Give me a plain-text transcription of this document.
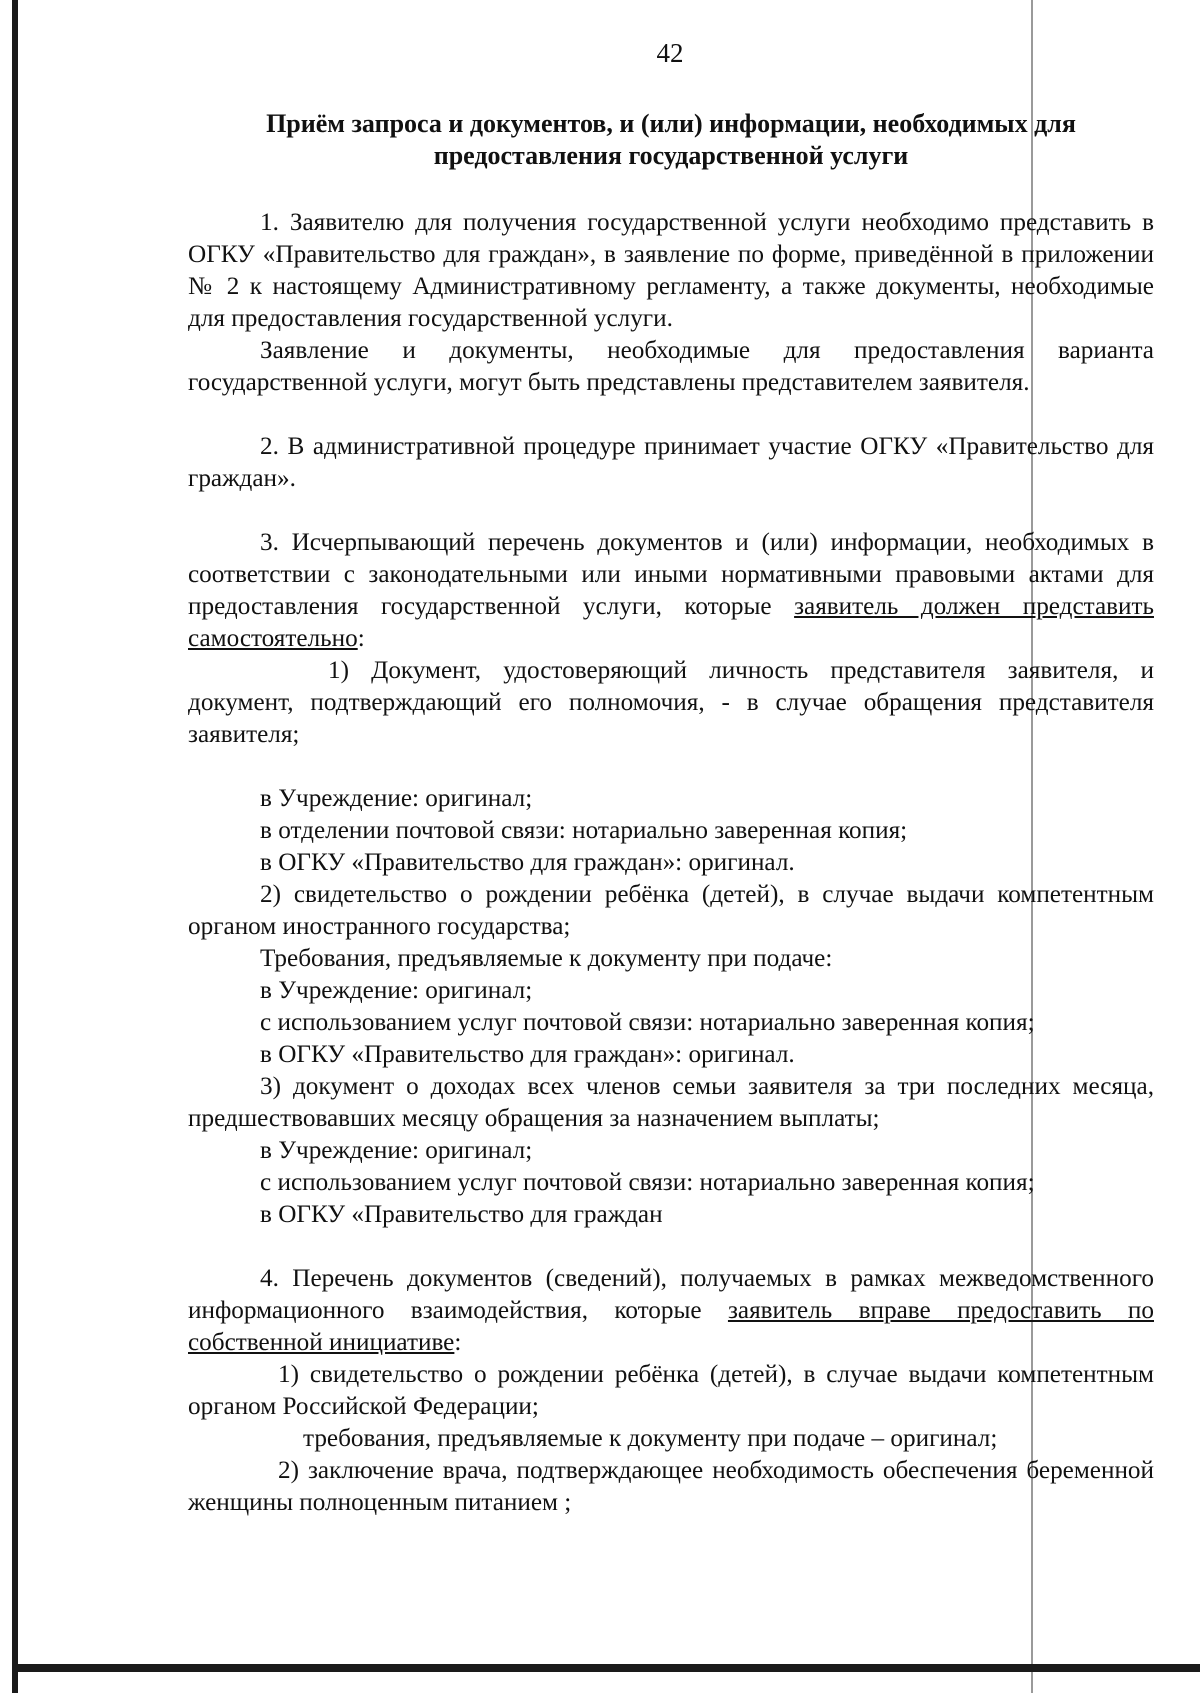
42
Приём запроса и документов, и (или) информации, необходимых для
предоставления государственной услуги

1. Заявителю для получения государственной услуги необходимо представить в ОГКУ «Правительство для граждан», в заявление по форме, приведённой в приложении № 2 к настоящему Административному регламенту, а также документы, необходимые для предоставления государственной услуги.

Заявление и документы, необходимые для предоставления варианта государственной услуги, могут быть представлены представителем заявителя.

2. В административной процедуре принимает участие ОГКУ «Правительство для граждан».

3. Исчерпывающий перечень документов и (или) информации, необходимых в соответствии с законодательными или иными нормативными правовыми актами для предоставления государственной услуги, которые заявитель должен представить самостоятельно:

1) Документ, удостоверяющий личность представителя заявителя, и документ, подтверждающий его полномочия, - в случае обращения представителя заявителя;

в Учреждение: оригинал;

в отделении почтовой связи: нотариально заверенная копия;

в ОГКУ «Правительство для граждан»: оригинал.

2) свидетельство о рождении ребёнка (детей), в случае выдачи компетентным органом иностранного государства;

Требования, предъявляемые к документу при подаче:

в Учреждение: оригинал;

с использованием услуг почтовой связи: нотариально заверенная копия;

в ОГКУ «Правительство для граждан»: оригинал.

3) документ о доходах всех членов семьи заявителя за три последних месяца, предшествовавших месяцу обращения за назначением выплаты;

в Учреждение: оригинал;

с использованием услуг почтовой связи: нотариально заверенная копия;

в ОГКУ «Правительство для граждан

4. Перечень документов (сведений), получаемых в рамках межведомственного информационного взаимодействия, которые заявитель вправе предоставить по собственной инициативе:

1) свидетельство о рождении ребёнка (детей), в случае выдачи компетентным органом Российской Федерации;

требования, предъявляемые к документу при подаче – оригинал;

2) заключение врача, подтверждающее необходимость обеспечения беременной женщины полноценным питанием ;
